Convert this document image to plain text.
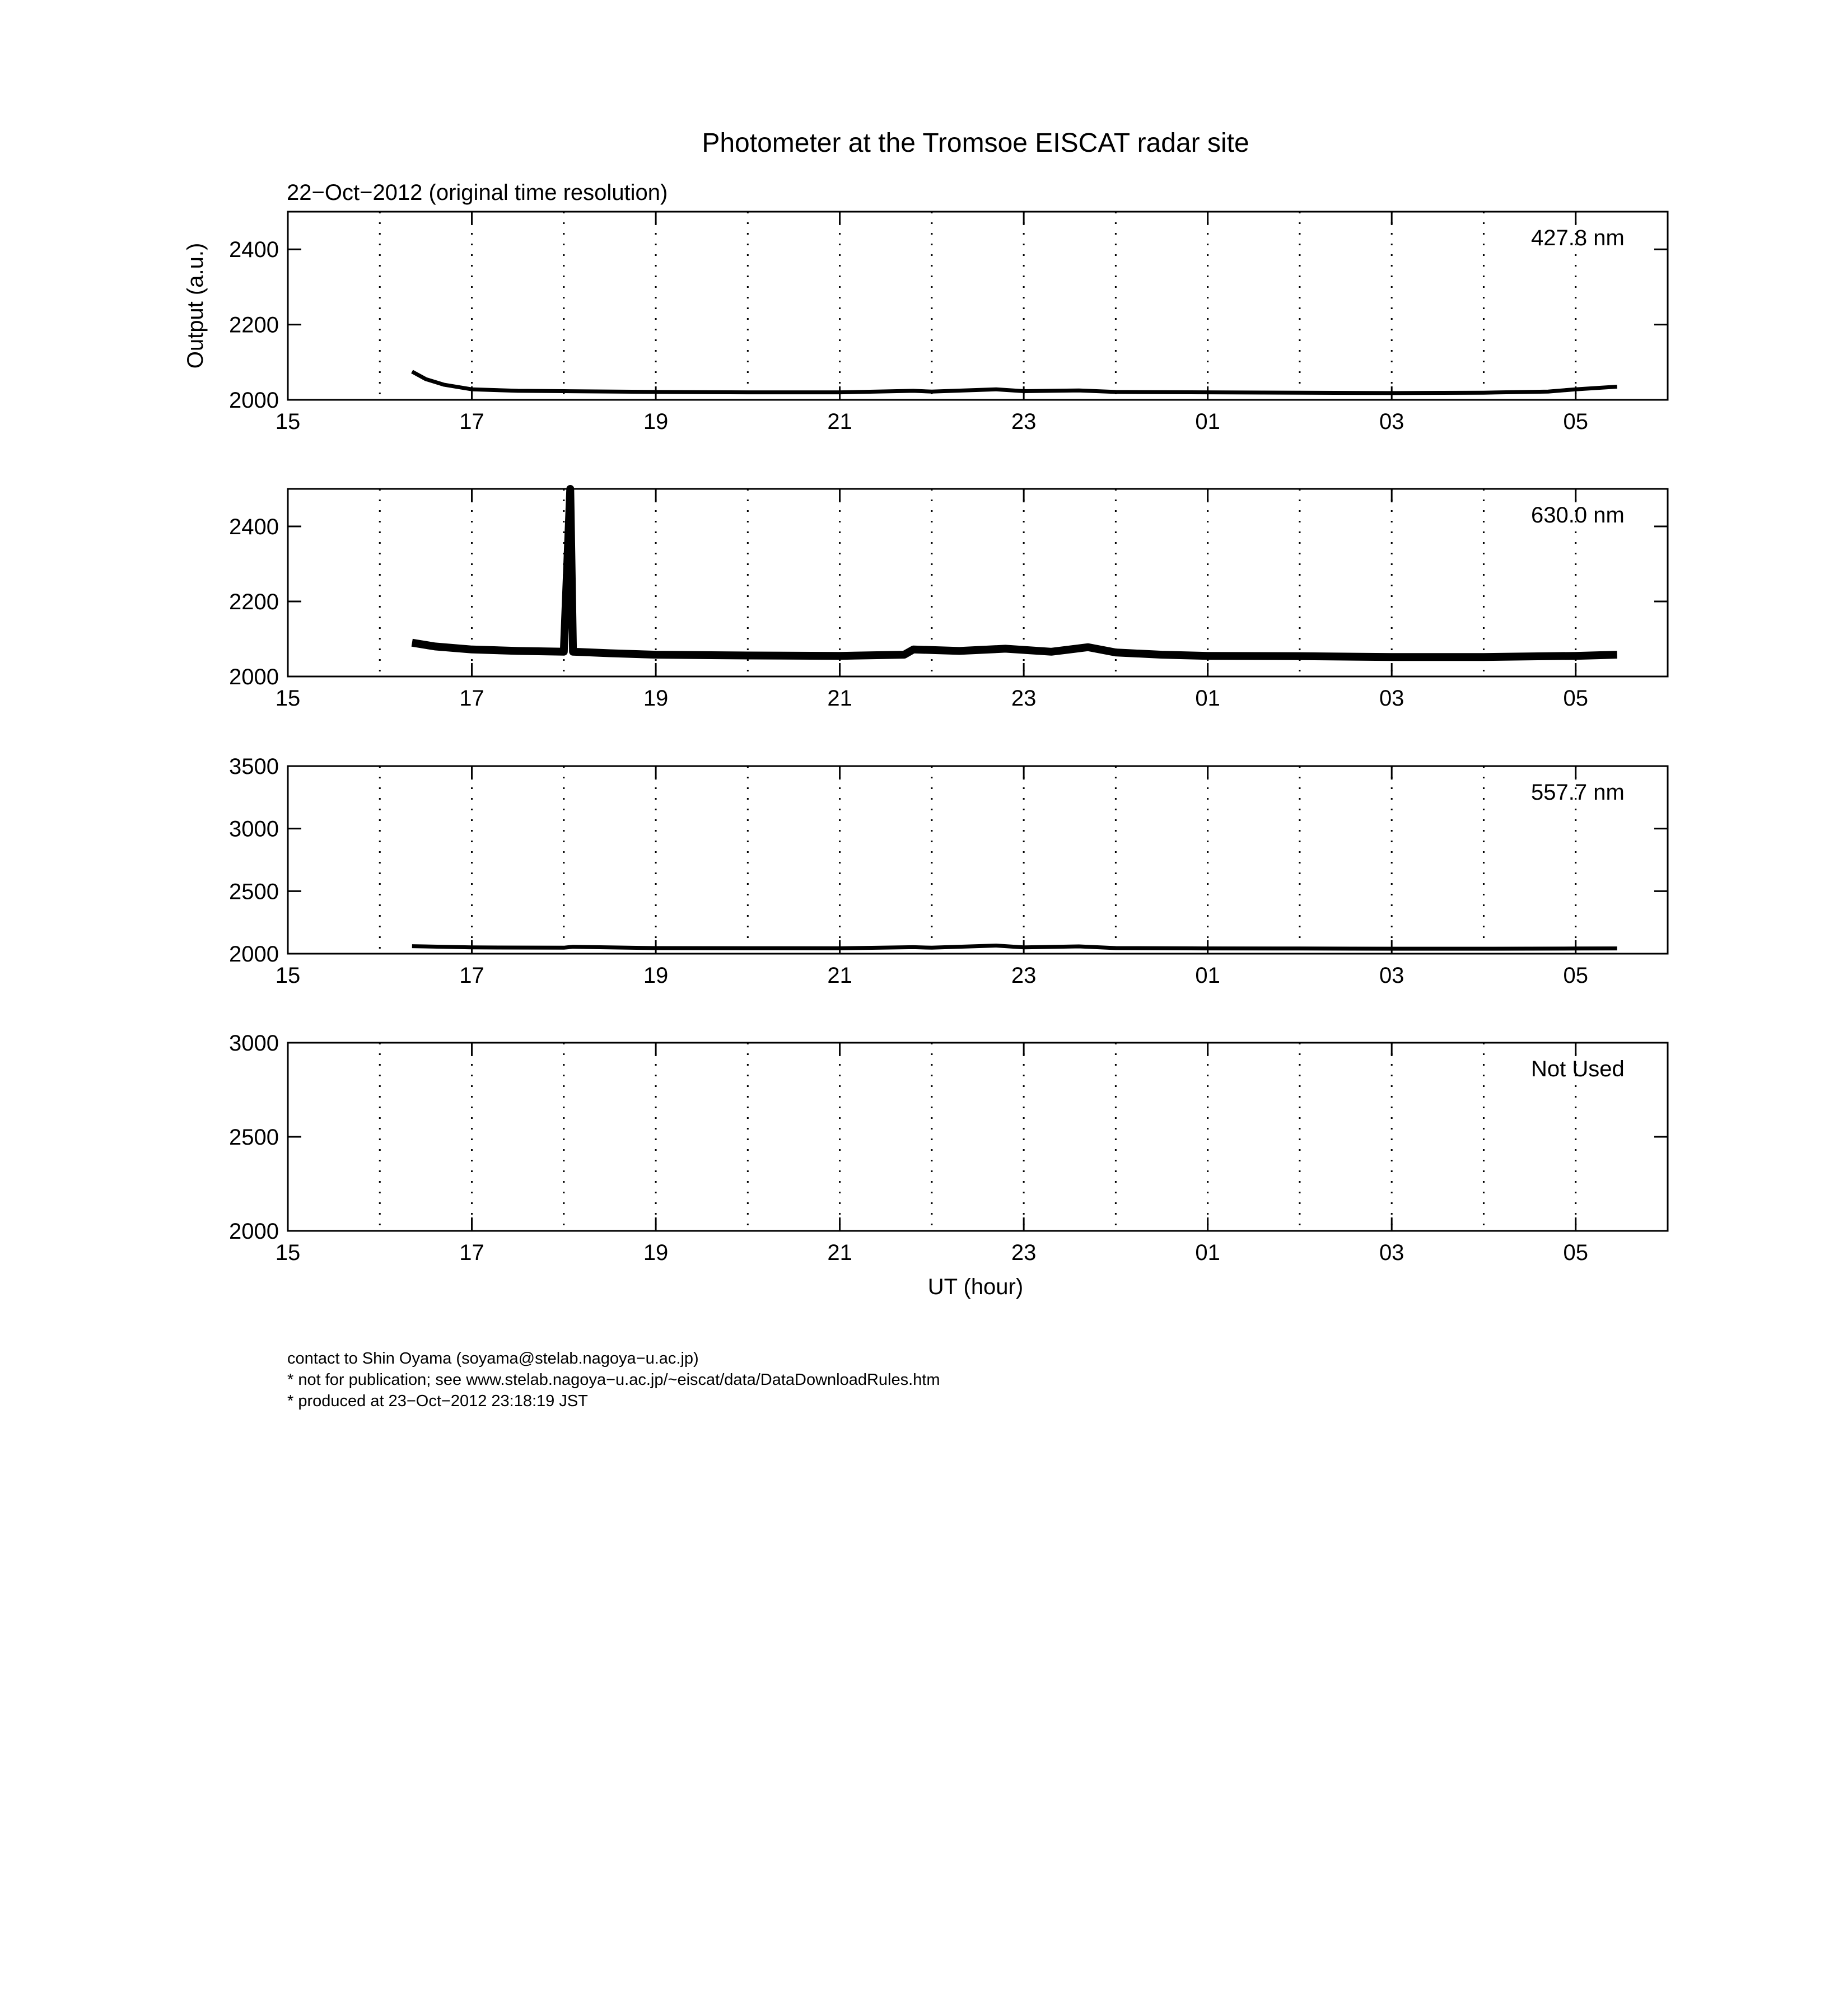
Photometer at the Tromsoe EISCAT radar site
22−Oct−2012 (original time resolution)
Output (a.u.)
UT (hour)
15	17	19	21	23	01	03	05
2000
2200
2400	427.8 nm
15	17	19	21	23	01	03	05
2000
2200
2400	630.0 nm
15	17	19	21	23	01	03	05
2000
2500
3000
3500
557.7 nm
15	17	19	21	23	01	03	05
2000
2500
3000
Not Used
contact to Shin Oyama (soyama@stelab.nagoya−u.ac.jp)
* not for publication; see www.stelab.nagoya−u.ac.jp/~eiscat/data/DataDownloadRules.htm
* produced at 23−Oct−2012 23:18:19 JST
